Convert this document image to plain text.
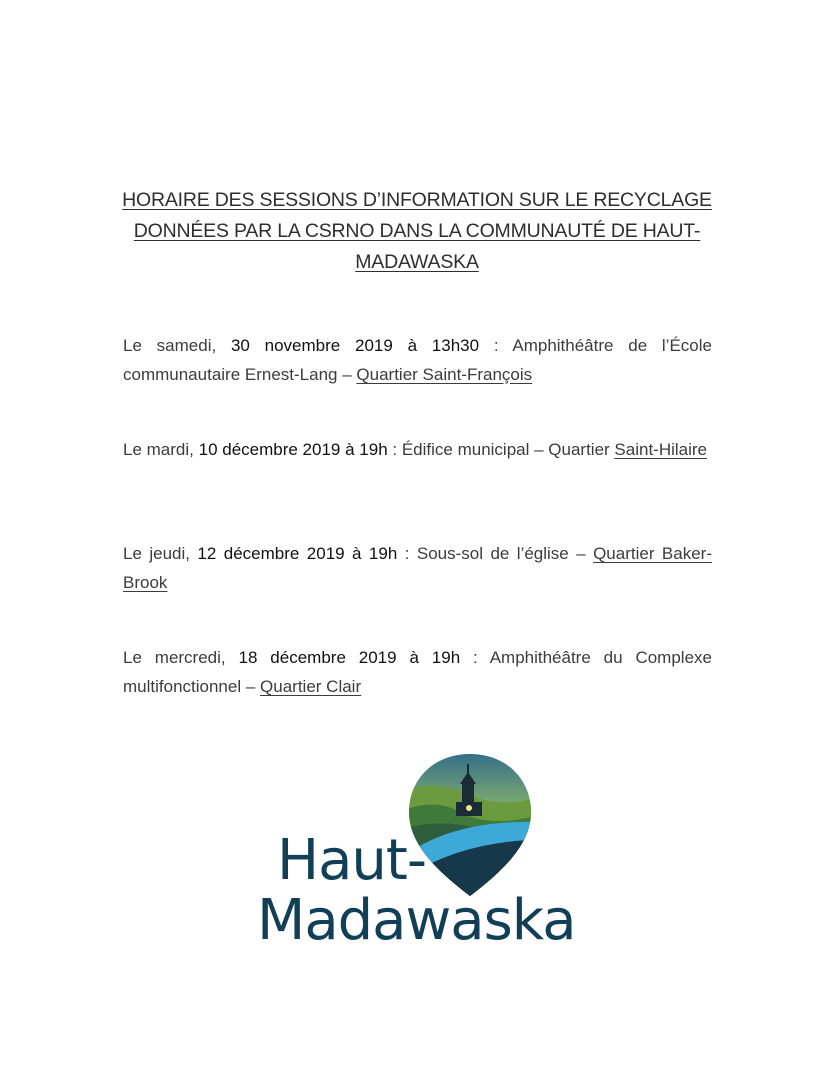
HORAIRE DES SESSIONS D’INFORMATION SUR LE RECYCLAGE
DONNÉES PAR LA CSRNO DANS LA COMMUNAUTÉ DE HAUT-
MADAWASKA

Le samedi, 30 novembre 2019 à 13h30 : Amphithéâtre de l’École communautaire Ernest-Lang – Quartier Saint-François

Le mardi, 10 décembre 2019 à 19h : Édifice municipal – Quartier Saint-Hilaire

Le jeudi, 12 décembre 2019 à 19h : Sous-sol de l’église – Quartier Baker-Brook

Le mercredi, 18 décembre 2019 à 19h : Amphithéâtre du Complexe multifonctionnel – Quartier Clair

Haut-
Madawaska
